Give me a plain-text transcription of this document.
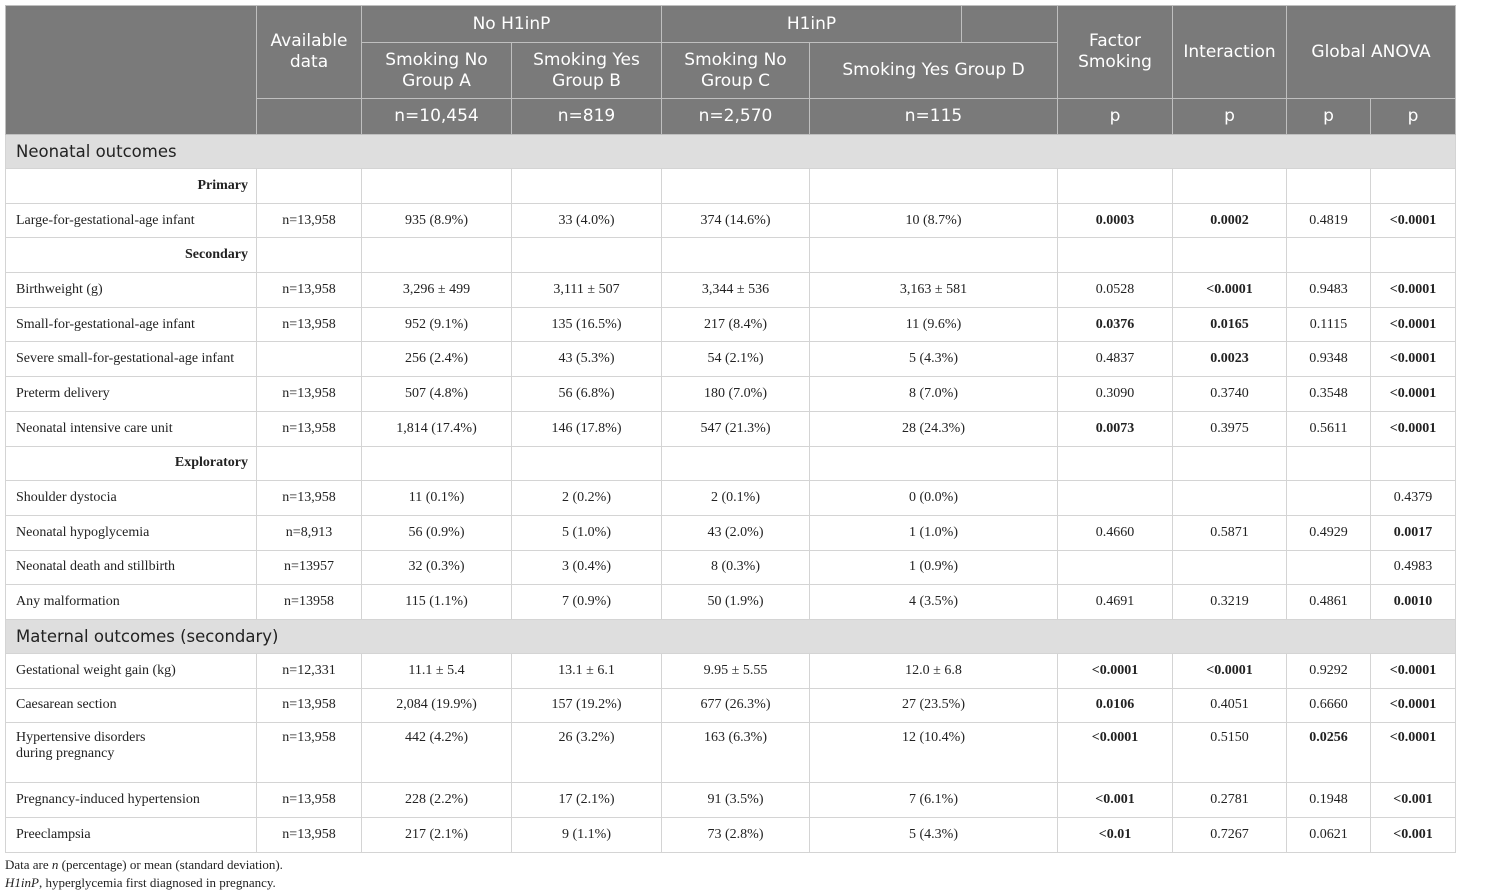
	Available data	No H1inP		H1inP			Factor Smoking	Interaction	Global ANOVA		
		Smoking No Group A	Smoking Yes Group B	Smoking No Group C	Smoking Yes Group D						Factor H1inP
		n=10,454	n=819	n=2,570	n=115		p	p	p	p	
Neonatal outcomes											
Primary											
Large-for-gestational-age infant	n=13,958	935 (8.9%)	33 (4.0%)	374 (14.6%)	10 (8.7%)		0.0003	0.0002	0.4819	<0.0001	
Secondary											
Birthweight (g)	n=13,958	3,296 ± 499	3,111 ± 507	3,344 ± 536	3,163 ± 581		0.0528	<0.0001	0.9483	<0.0001	
Small-for-gestational-age infant	n=13,958	952 (9.1%)	135 (16.5%)	217 (8.4%)	11 (9.6%)		0.0376	0.0165	0.1115	<0.0001	
Severe small-for-gestational-age infant		256 (2.4%)	43 (5.3%)	54 (2.1%)	5 (4.3%)		0.4837	0.0023	0.9348	<0.0001	
Preterm delivery	n=13,958	507 (4.8%)	56 (6.8%)	180 (7.0%)	8 (7.0%)		0.3090	0.3740	0.3548	<0.0001	
Neonatal intensive care unit	n=13,958	1,814 (17.4%)	146 (17.8%)	547 (21.3%)	28 (24.3%)		0.0073	0.3975	0.5611	<0.0001	
Exploratory											
Shoulder dystocia	n=13,958	11 (0.1%)	2 (0.2%)	2 (0.1%)	0 (0.0%)					0.4379	
Neonatal hypoglycemia	n=8,913	56 (0.9%)	5 (1.0%)	43 (2.0%)	1 (1.0%)		0.4660	0.5871	0.4929	0.0017	
Neonatal death and stillbirth	n=13957	32 (0.3%)	3 (0.4%)	8 (0.3%)	1 (0.9%)					0.4983	
Any malformation	n=13958	115 (1.1%)	7 (0.9%)	50 (1.9%)	4 (3.5%)		0.4691	0.3219	0.4861	0.0010	
Maternal outcomes (secondary)											
Gestational weight gain (kg)	n=12,331	11.1 ± 5.4	13.1 ± 6.1	9.95 ± 5.55	12.0 ± 6.8		<0.0001	<0.0001	0.9292	<0.0001	
Caesarean section	n=13,958	2,084 (19.9%)	157 (19.2%)	677 (26.3%)	27 (23.5%)		0.0106	0.4051	0.6660	<0.0001	
Hypertensive disorders
during pregnancy	n=13,958	442 (4.2%)	26 (3.2%)	163 (6.3%)	12 (10.4%)		<0.0001	0.5150	0.0256	<0.0001	
Pregnancy-induced hypertension	n=13,958	228 (2.2%)	17 (2.1%)	91 (3.5%)	7 (6.1%)		<0.001	0.2781	0.1948	<0.001	
Preeclampsia	n=13,958	217 (2.1%)	9 (1.1%)	73 (2.8%)	5 (4.3%)		<0.01	0.7267	0.0621	<0.001	
Data are n (percentage) or mean (standard deviation).
H1inP, hyperglycemia first diagnosed in pregnancy.
